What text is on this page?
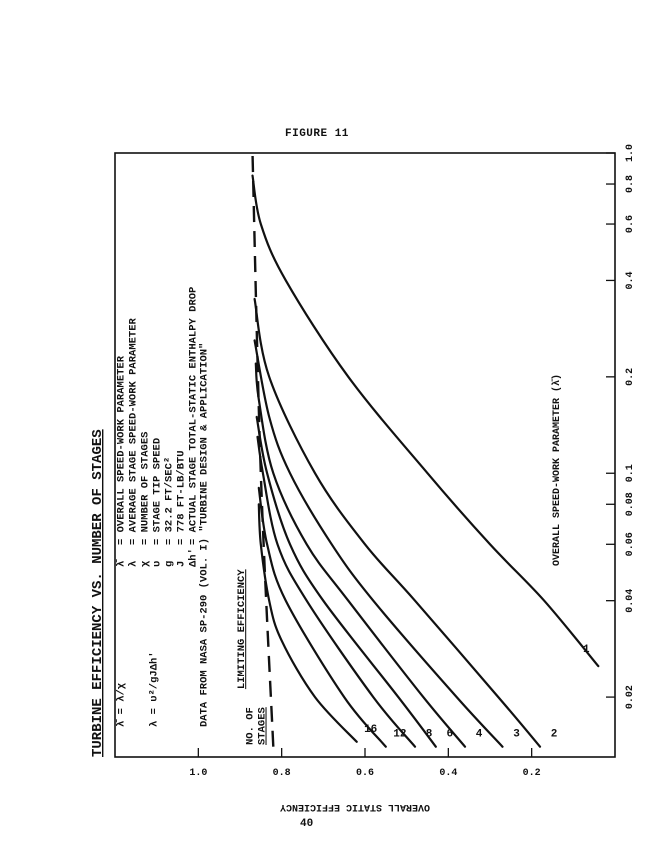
FIGURE 11
40
0.02
0.04
0.06
0.08
0.1
0.2
0.4
0.6
0.8
1.0
0.2
0.4
0.6
0.8
1.0
1
2
3
4
6
8
12
16
LIMITING EFFICIENCY
NO. OF STAGES
λ̄ = λ/χ λ = υ²/gJΔh'
λ̄
= OVERALL SPEED-WORK PARAMETER
λ
= AVERAGE STAGE SPEED-WORK PARAMETER
χ
= NUMBER OF STAGES
υ
= STAGE TIP SPEED
g
= 32.2 FT/SEC²
J
= 778 FT-LB/BTU
Δh'
= ACTUAL STAGE TOTAL-STATIC ENTHALPY DROP DATA FROM NASA SP-290 (VOL. I) "TURBINE DESIGN & APPLICATION"
TURBINE EFFICIENCY VS. NUMBER OF STAGES
OVERALL STATIC EFFICIENCY
OVERALL SPEED-WORK PARAMETER (λ̄)
